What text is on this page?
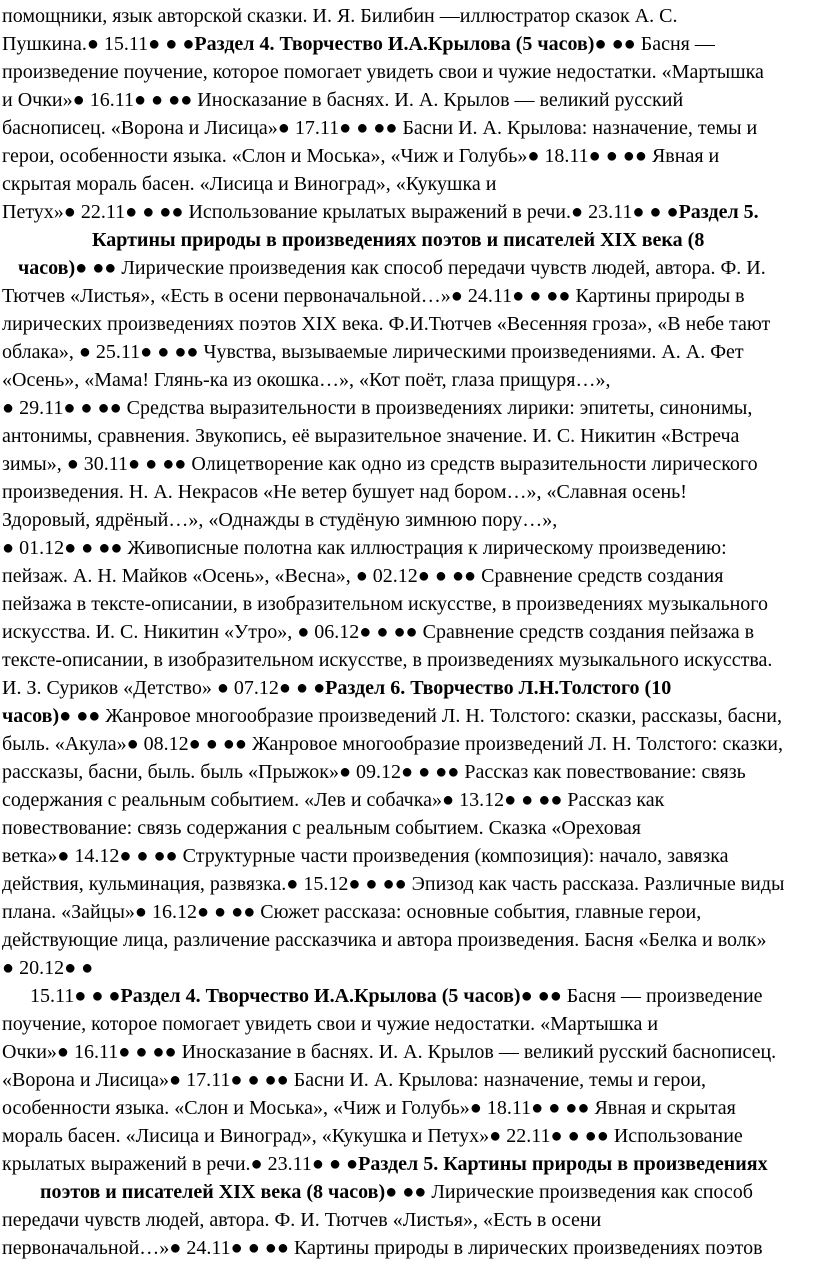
помощники, язык авторской сказки. И. Я. Билибин —иллюстратор сказок А. С.
Пушкина.● 15.11● ● ●Раздел 4. Творчество И.А.Крылова (5 часов)● ●● Басня —
произведение поучение, которое помогает увидеть свои и чужие недостатки. «Мартышка
и Очки»● 16.11● ● ●● Иносказание в баснях. И. А. Крылов — великий русский
баснописец. «Ворона и Лисица»● 17.11● ● ●● Басни И. А. Крылова: назначение, темы и
герои, особенности языка. «Слон и Моська», «Чиж и Голубь»● 18.11● ● ●● Явная и
скрытая мораль басен. «Лисица и Виноград», «Кукушка и
Петух»● 22.11● ● ●● Использование крылатых выражений в речи.● 23.11● ● ●Раздел 5.
Картины природы в произведениях поэтов и писателей XIX века (8
часов)● ●● Лирические произведения как способ передачи чувств людей, автора. Ф. И.
Тютчев «Листья», «Есть в осени первоначальной…»● 24.11● ● ●● Картины природы в
лирических произведениях поэтов XIX века. Ф.И.Тютчев «Весенняя гроза», «В небе тают
облака», ● 25.11● ● ●● Чувства, вызываемые лирическими произведениями. А. А. Фет
«Осень», «Мама! Глянь-ка из окошка…», «Кот поёт, глаза прищуря…»,
● 29.11● ● ●● Средства выразительности в произведениях лирики: эпитеты, синонимы,
антонимы, сравнения. Звукопись, её выразительное значение. И. С. Никитин «Встреча
зимы», ● 30.11● ● ●● Олицетворение как одно из средств выразительности лирического
произведения. Н. А. Некрасов «Не ветер бушует над бором…», «Славная осень!
Здоровый, ядрёный…», «Однажды в студёную зимнюю пору…»,
● 01.12● ● ●● Живописные полотна как иллюстрация к лирическому произведению:
пейзаж. А. Н. Майков «Осень», «Весна», ● 02.12● ● ●● Сравнение средств создания
пейзажа в тексте-описании, в изобразительном искусстве, в произведениях музыкального
искусства. И. С. Никитин «Утро», ● 06.12● ● ●● Сравнение средств создания пейзажа в
тексте-описании, в изобразительном искусстве, в произведениях музыкального искусства.
И. З. Суриков «Детство» ● 07.12● ● ●Раздел 6. Творчество Л.Н.Толстого (10
часов)● ●● Жанровое многообразие произведений Л. Н. Толстого: сказки, рассказы, басни,
быль. «Акула»● 08.12● ● ●● Жанровое многообразие произведений Л. Н. Толстого: сказки,
рассказы, басни, быль. быль «Прыжок»● 09.12● ● ●● Рассказ как повествование: связь
содержания с реальным событием. «Лев и собачка»● 13.12● ● ●● Рассказ как
повествование: связь содержания с реальным событием. Сказка «Ореховая
ветка»● 14.12● ● ●● Структурные части произведения (композиция): начало, завязка
действия, кульминация, развязка.● 15.12● ● ●● Эпизод как часть рассказа. Различные виды
плана. «Зайцы»● 16.12● ● ●● Сюжет рассказа: основные события, главные герои,
действующие лица, различение рассказчика и автора произведения. Басня «Белка и волк»
● 20.12● ●
15.11● ● ●Раздел 4. Творчество И.А.Крылова (5 часов)● ●● Басня — произведение
поучение, которое помогает увидеть свои и чужие недостатки. «Мартышка и
Очки»● 16.11● ● ●● Иносказание в баснях. И. А. Крылов — великий русский баснописец.
«Ворона и Лисица»● 17.11● ● ●● Басни И. А. Крылова: назначение, темы и герои,
особенности языка. «Слон и Моська», «Чиж и Голубь»● 18.11● ● ●● Явная и скрытая
мораль басен. «Лисица и Виноград», «Кукушка и Петух»● 22.11● ● ●● Использование
крылатых выражений в речи.● 23.11● ● ●Раздел 5. Картины природы в произведениях
поэтов и писателей XIX века (8 часов)● ●● Лирические произведения как способ
передачи чувств людей, автора. Ф. И. Тютчев «Листья», «Есть в осени
первоначальной…»● 24.11● ● ●● Картины природы в лирических произведениях поэтов
